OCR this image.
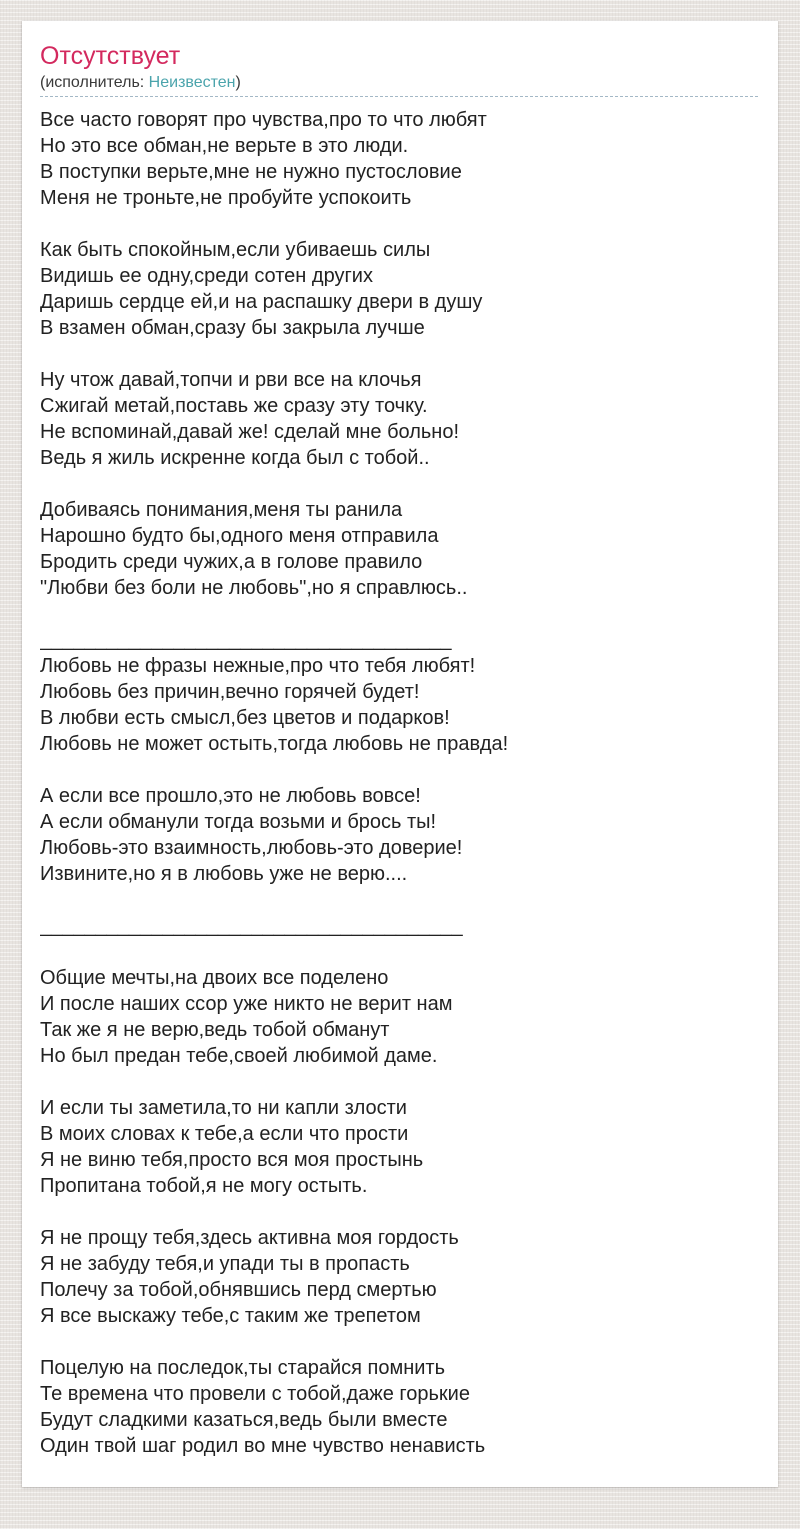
Отсутствует
(исполнитель: Неизвестен)
Все часто говорят про чувства,про то что любят
Но это все обман,не верьте в это люди.
В поступки верьте,мне не нужно пустословие
Меня не троньте,не пробуйте успокоить
Как быть спокойным,если убиваешь силы
Видишь ее одну,среди сотен других
Даришь сердце ей,и на распашку двери в душу
В взамен обман,сразу бы закрыла лучше
Ну чтож давай,топчи и рви все на клочья
Сжигай метай,поставь же сразу эту точку.
Не вспоминай,давай же! сделай мне больно!
Ведь я жиль искренне когда был с тобой..
Добиваясь понимания,меня ты ранила
Нарошно будто бы,одного меня отправила
Бродить среди чужих,а в голове правило
"Любви без боли не любовь",но я справлюсь..
_____________________________________
Любовь не фразы нежные,про что тебя любят!
Любовь без причин,вечно горячей будет!
В любви есть смысл,без цветов и подарков!
Любовь не может остыть,тогда любовь не правда!
А если все прошло,это не любовь вовсе!
А если обманули тогда возьми и брось ты!
Любовь-это взаимность,любовь-это доверие!
Извините,но я в любовь уже не верю....
______________________________________
Общие мечты,на двоих все поделено
И после наших ссор уже никто не верит нам
Так же я не верю,ведь тобой обманут
Но был предан тебе,своей любимой даме.
И если ты заметила,то ни капли злости
В моих словах к тебе,а если что прости
Я не виню тебя,просто вся моя простынь
Пропитана тобой,я не могу остыть.
Я не прощу тебя,здесь активна моя гордость
Я не забуду тебя,и упади ты в пропасть
Полечу за тобой,обнявшись перд смертью
Я все выскажу тебе,с таким же трепетом
Поцелую на последок,ты старайся помнить
Те времена что провели с тобой,даже горькие
Будут сладкими казаться,ведь были вместе
Один твой шаг родил во мне чувство ненависть
